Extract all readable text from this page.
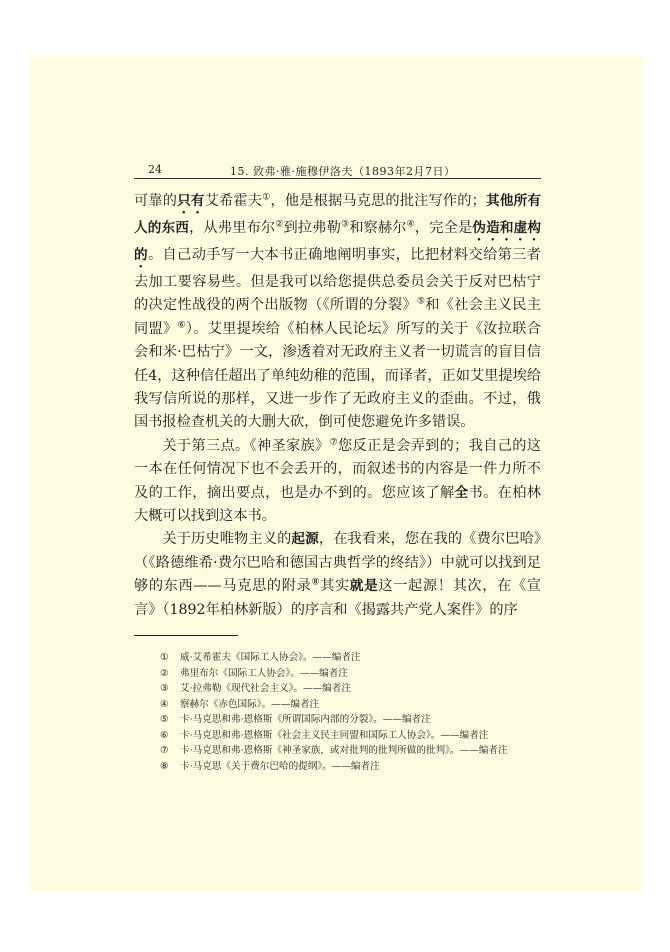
24	15. 致弗·雅·施穆伊洛夫（1893年2月7日）

可靠的只有艾希霍夫①，他是根据马克思的批注写作的；其他所有人的东西，从弗里布尔②到拉弗勒③和察赫尔④，完全是伪造和虚构的。自己动手写一大本书正确地阐明事实，比把材料交给第三者去加工要容易些。但是我可以给您提供总委员会关于反对巴枯宁的决定性战役的两个出版物（《所谓的分裂》⑤和《社会主义民主同盟》⑥）。艾里提埃给《柏林人民论坛》所写的关于《汝拉联合会和米·巴枯宁》一文，渗透着对无政府主义者一切谎言的盲目信任4，这种信任超出了单纯幼稚的范围，而译者，正如艾里提埃给我写信所说的那样，又进一步作了无政府主义的歪曲。不过，俄国书报检查机关的大删大砍，倒可使您避免许多错误。

关于第三点。《神圣家族》⑦您反正是会弄到的；我自己的这一本在任何情况下也不会丢开的，而叙述书的内容是一件力所不及的工作，摘出要点，也是办不到的。您应该了解全书。在柏林大概可以找到这本书。

关于历史唯物主义的起源，在我看来，您在我的《费尔巴哈》（《路德维希·费尔巴哈和德国古典哲学的终结》）中就可以找到足够的东西——马克思的附录⑧其实就是这一起源！其次，在《宣言》（1892年柏林新版）的序言和《揭露共产党人案件》的序

①	威·艾希霍夫《国际工人协会》。——编者注
②	弗里布尔《国际工人协会》。——编者注
③	艾·拉弗勒《现代社会主义》。——编者注
④	察赫尔《赤色国际》。——编者注
⑤	卡·马克思和弗·恩格斯《所谓国际内部的分裂》。——编者注
⑥	卡·马克思和弗·恩格斯《社会主义民主同盟和国际工人协会》。——编者注
⑦	卡·马克思和弗·恩格斯《神圣家族，或对批判的批判所做的批判》。——编者注
⑧	卡·马克思《关于费尔巴哈的提纲》。——编者注
